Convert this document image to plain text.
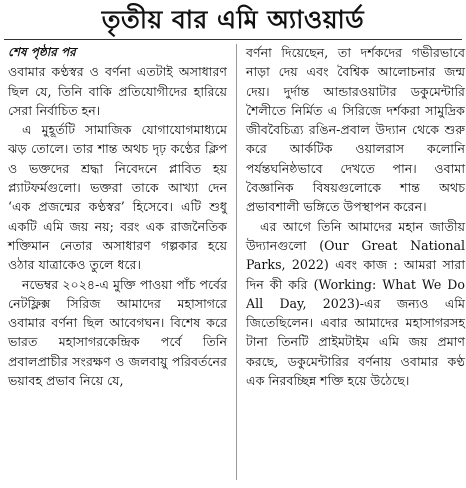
তৃতীয় বার এমি অ্যাওয়ার্ড

শেষ পৃষ্ঠার পর

ওবামার কণ্ঠস্বর ও বর্ণনা এতটাই অসাধারণ ছিল যে, তিনি বাকি প্রতিযোগীদের হারিয়ে সেরা নির্বাচিত হন।

এ মুহূর্তটি সামাজিক যোগাযোগমাধ্যমে ঝড় তোলে। তার শান্ত অথচ দৃঢ় কণ্ঠের ক্লিপ ও ভক্তদের শ্রদ্ধা নিবেদনে প্লাবিত হয় প্ল্যাটফর্মগুলো। ভক্তরা তাকে আখ্যা দেন ‘এক প্রজন্মের কণ্ঠস্বর’ হিসেবে। এটি শুধু একটি এমি জয় নয়; বরং এক রাজনৈতিক শক্তিমান নেতার অসাধারণ গল্পকার হয়ে ওঠার যাত্রাকেও তুলে ধরে।

নভেম্বর ২০২৪-এ মুক্তি পাওয়া পাঁচ পর্বের নেটফ্লিক্স সিরিজ আমাদের মহাসাগরে ওবামার বর্ণনা ছিল আবেগঘন। বিশেষ করে ভারত মহাসাগরকেন্দ্রিক পর্বে তিনি প্রবালপ্রাচীর সংরক্ষণ ও জলবায়ু পরিবর্তনের ভয়াবহ প্রভাব নিয়ে যে,

বর্ণনা দিয়েছেন, তা দর্শকদের গভীরভাবে নাড়া দেয় এবং বৈশ্বিক আলোচনার জন্ম দেয়। দুর্দান্ত আন্ডারওয়াটার ডকুমেন্টারি শৈলীতে নির্মিত এ সিরিজে দর্শকরা সামুদ্রিক জীববৈচিত্র্য রঙিন-প্রবাল উদ্যান থেকে শুরু করে আর্কটিক ওয়ালরাস কলোনি পর্যন্তঘনিষ্ঠভাবে দেখতে পান। ওবামা বৈজ্ঞানিক বিষয়গুলোকে শান্ত অথচ প্রভাবশালী ভঙ্গিতে উপস্থাপন করেন।

এর আগে তিনি আমাদের মহান জাতীয় উদ্যানগুলো (Our Great National Parks, 2022) এবং কাজ : আমরা সারা দিন কী করি (Working: What We Do All Day, 2023)-এর জন্যও এমি জিতেছিলেন। এবার আমাদের মহাসাগরসহ টানা তিনটি প্রাইমটাইম এমি জয় প্রমাণ করছে, ডকুমেন্টারির বর্ণনায় ওবামার কণ্ঠ এক নিরবচ্ছিন্ন শক্তি হয়ে উঠেছে।
